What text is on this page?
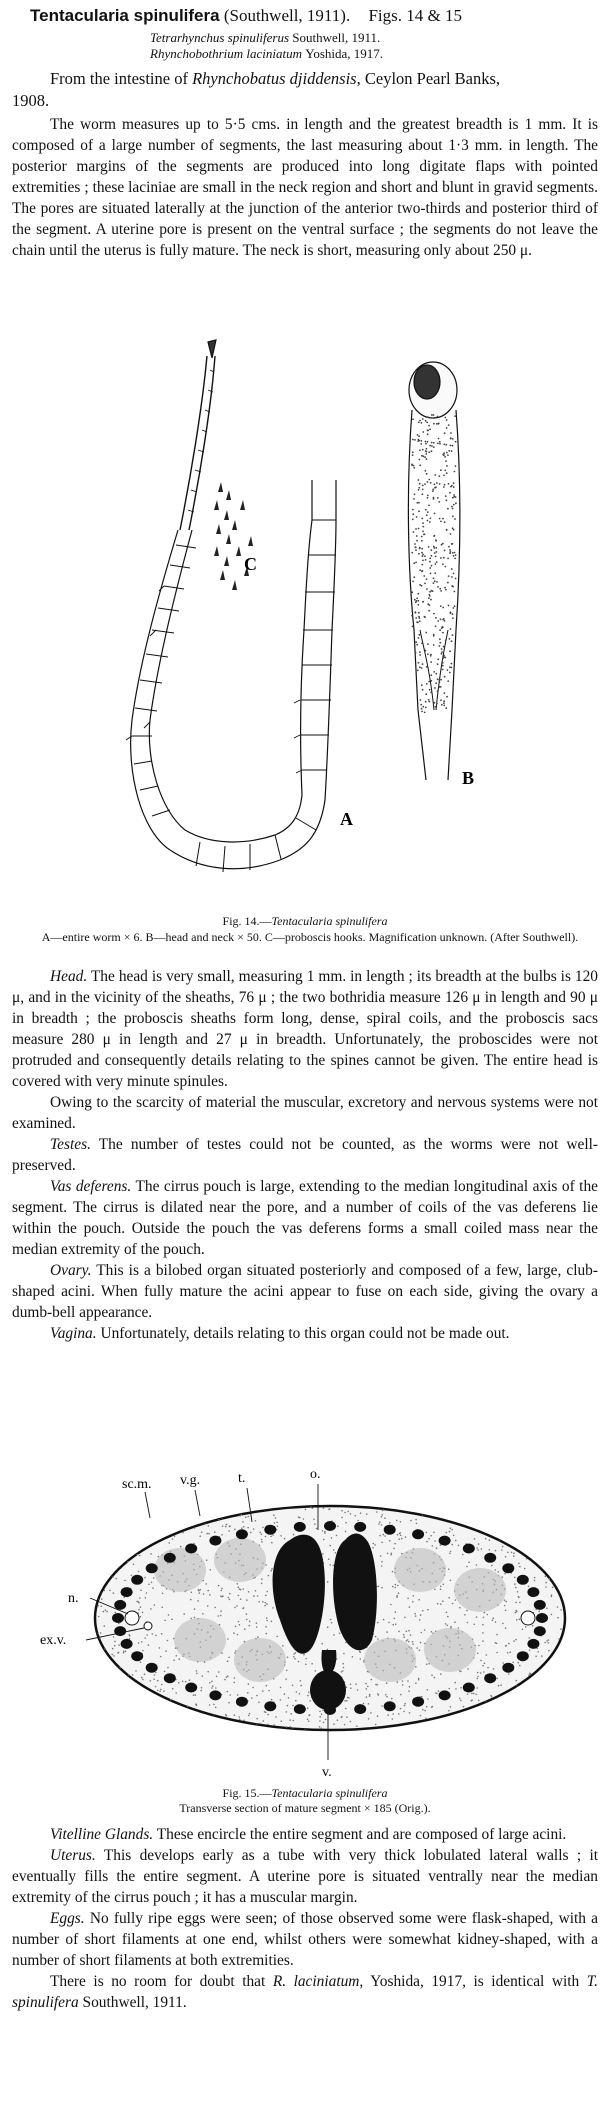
Tentacularia spinulifera (Southwell, 1911). Figs. 14 & 15
Tetrarhynchus spinuliferus Southwell, 1911.
Rhynchobothrium laciniatum Yoshida, 1917.
From the intestine of Rhynchobatus djiddensis, Ceylon Pearl Banks,
1908.

The worm measures up to 5·5 cms. in length and the greatest breadth is 1 mm. It is composed of a large number of segments, the last measuring about 1·3 mm. in length. The posterior margins of the segments are produced into long digitate flaps with pointed extremities ; these laciniae are small in the neck region and short and blunt in gravid segments. The pores are situated laterally at the junction of the anterior two-thirds and posterior third of the segment. A uterine pore is present on the ventral surface ; the segments do not leave the chain until the uterus is fully mature. The neck is short, measuring only about 250 μ.

C
A
B
Fig. 14.—Tentacularia spinulifera
A—entire worm × 6. B—head and neck × 50. C—proboscis hooks. Magnification unknown. (After Southwell).

Head. The head is very small, measuring 1 mm. in length ; its breadth at the bulbs is 120 μ, and in the vicinity of the sheaths, 76 μ ; the two bothridia measure 126 μ in length and 90 μ in breadth ; the proboscis sheaths form long, dense, spiral coils, and the proboscis sacs measure 280 μ in length and 27 μ in breadth. Unfortunately, the proboscides were not protruded and consequently details relating to the spines cannot be given. The entire head is covered with very minute spinules.

Owing to the scarcity of material the muscular, excretory and nervous systems were not examined.

Testes. The number of testes could not be counted, as the worms were not well-preserved.

Vas deferens. The cirrus pouch is large, extending to the median longitudinal axis of the segment. The cirrus is dilated near the pore, and a number of coils of the vas deferens lie within the pouch. Outside the pouch the vas deferens forms a small coiled mass near the median extremity of the pouch.

Ovary. This is a bilobed organ situated posteriorly and composed of a few, large, club-shaped acini. When fully mature the acini appear to fuse on each side, giving the ovary a dumb-bell appearance.

Vagina. Unfortunately, details relating to this organ could not be made out.

sc.m. v.g.	t.	o.
n.
ex.v.
v.
Fig. 15.—Tentacularia spinulifera
Transverse section of mature segment × 185 (Orig.).

Vitelline Glands. These encircle the entire segment and are composed of large acini.

Uterus. This develops early as a tube with very thick lobulated lateral walls ; it eventually fills the entire segment. A uterine pore is situated ventrally near the median extremity of the cirrus pouch ; it has a muscular margin.

Eggs. No fully ripe eggs were seen; of those observed some were flask-shaped, with a number of short filaments at one end, whilst others were somewhat kidney-shaped, with a number of short filaments at both extremities.

There is no room for doubt that R. laciniatum, Yoshida, 1917, is identical with T. spinulifera Southwell, 1911.
